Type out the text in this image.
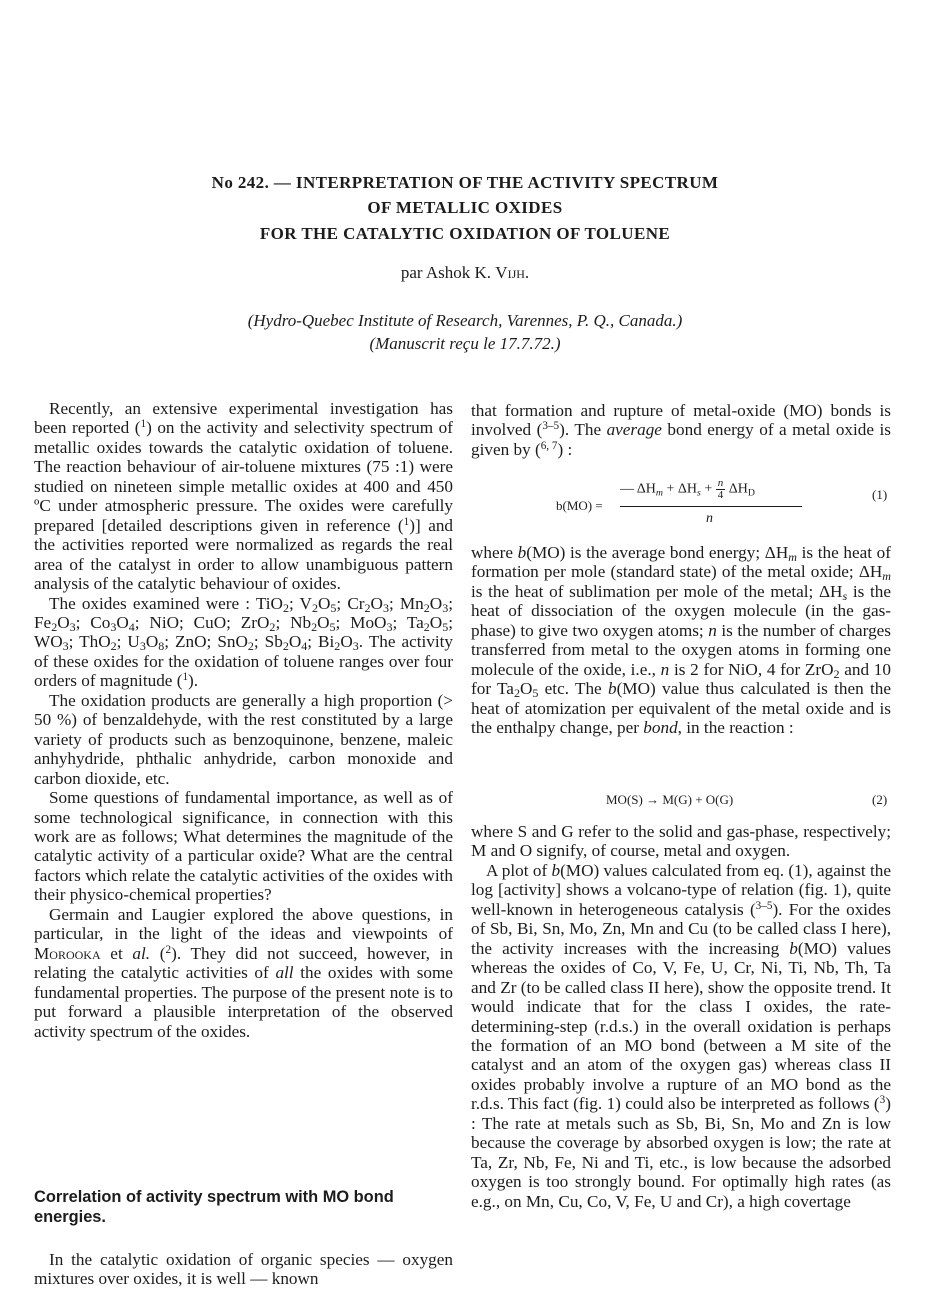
No 242. — INTERPRETATION OF THE ACTIVITY SPECTRUM
OF METALLIC OXIDES
FOR THE CATALYTIC OXIDATION OF TOLUENE
par Ashok K. Vijh.
(Hydro-Quebec Institute of Research, Varennes, P. Q., Canada.)
(Manuscrit reçu le 17.7.72.)

Recently, an extensive experimental investigation has been reported ($^1$) on the activity and selectivity spectrum of metallic oxides towards the catalytic oxidation of toluene. The reaction behaviour of air-toluene mixtures (75 :1) were studied on nineteen simple metallic oxides at 400 and 450 ºC under atmospheric pressure. The oxides were carefully prepared [detailed descriptions given in reference ($^1$)] and the activities reported were normalized as regards the real area of the catalyst in order to allow unambiguous pattern analysis of the catalytic behaviour of oxides.

The oxides examined were : TiO$_2$; $V_2O_5$; $Cr_2O_3$; $Mn_2O_3$; $Fe_2O_3$; $Co_3O_4$; NiO; CuO; ZrO$_2$; $Nb_2O_5$; MoO$_3$; $Ta_2O_5$; $WO_3$; ThO$_2$; $U_3O_8$; ZnO; SnO$_2$; $Sb_2O_4$; $Bi_2O_3$. The activity of these oxides for the oxidation of toluene ranges over four orders of magnitude ($^1$).

The oxidation products are generally a high proportion (> 50 %) of benzaldehyde, with the rest constituted by a large variety of products such as benzoquinone, benzene, maleic anhyhydride, phthalic anhydride, carbon monoxide and carbon dioxide, etc.

Some questions of fundamental importance, as well as of some technological significance, in connection with this work are as follows; What determines the magnitude of the catalytic activity of a particular oxide? What are the central factors which relate the catalytic activities of the oxides with their physico-chemical properties?

Germain and Laugier explored the above questions, in particular, in the light of the ideas and viewpoints of Morooka et al. ($^2$). They did not succeed, however, in relating the catalytic activities of all the oxides with some fundamental properties. The purpose of the present note is to put forward a plausible interpretation of the observed activity spectrum of the oxides.

Correlation of activity spectrum with MO bond energies.

In the catalytic oxidation of organic species — oxygen mixtures over oxides, it is well — known

that formation and rupture of metal-oxide (MO) bonds is involved ($^{3-5}$). The average bond energy of a metal oxide is given by ($^{6, 7}$) :

b(MO) =
— $\Delta H_m + \Delta H_s + \frac{n}{4} \Delta H_D$
n
(1)

where b(MO) is the average bond energy; $\Delta H_m$ is the heat of formation per mole (standard state) of the metal oxide; $\Delta H_m$ is the heat of sublimation per mole of the metal; $\Delta H_s$ is the heat of dissociation of the oxygen molecule (in the gas-phase) to give two oxygen atoms; n is the number of charges transferred from metal to the oxygen atoms in forming one molecule of the oxide, i.e., n is 2 for NiO, 4 for ZrO$_2$ and 10 for $Ta_2O_5$ etc. The b(MO) value thus calculated is then the heat of atomization per equivalent of the metal oxide and is the enthalpy change, per bond, in the reaction :

MO(S) → M(G) + O(G)	(2)

where S and G refer to the solid and gas-phase, respectively; M and O signify, of course, metal and oxygen.

A plot of b(MO) values calculated from eq. (1), against the log [activity] shows a volcano-type of relation (fig. 1), quite well-known in heterogeneous catalysis ($^{3-5}$). For the oxides of Sb, Bi, Sn, Mo, Zn, Mn and Cu (to be called class I here), the activity increases with the increasing b(MO) values whereas the oxides of Co, V, Fe, U, Cr, Ni, Ti, Nb, Th, Ta and Zr (to be called class II here), show the opposite trend. It would indicate that for the class I oxides, the rate-determining-step (r.d.s.) in the overall oxidation is perhaps the formation of an MO bond (between a M site of the catalyst and an atom of the oxygen gas) whereas class II oxides probably involve a rupture of an MO bond as the r.d.s. This fact (fig. 1) could also be interpreted as follows ($^3$) : The rate at metals such as Sb, Bi, Sn, Mo and Zn is low because the coverage by absorbed oxygen is low; the rate at Ta, Zr, Nb, Fe, Ni and Ti, etc., is low because the adsorbed oxygen is too strongly bound. For optimally high rates (as e.g., on Mn, Cu, Co, V, Fe, U and Cr), a high covertage
